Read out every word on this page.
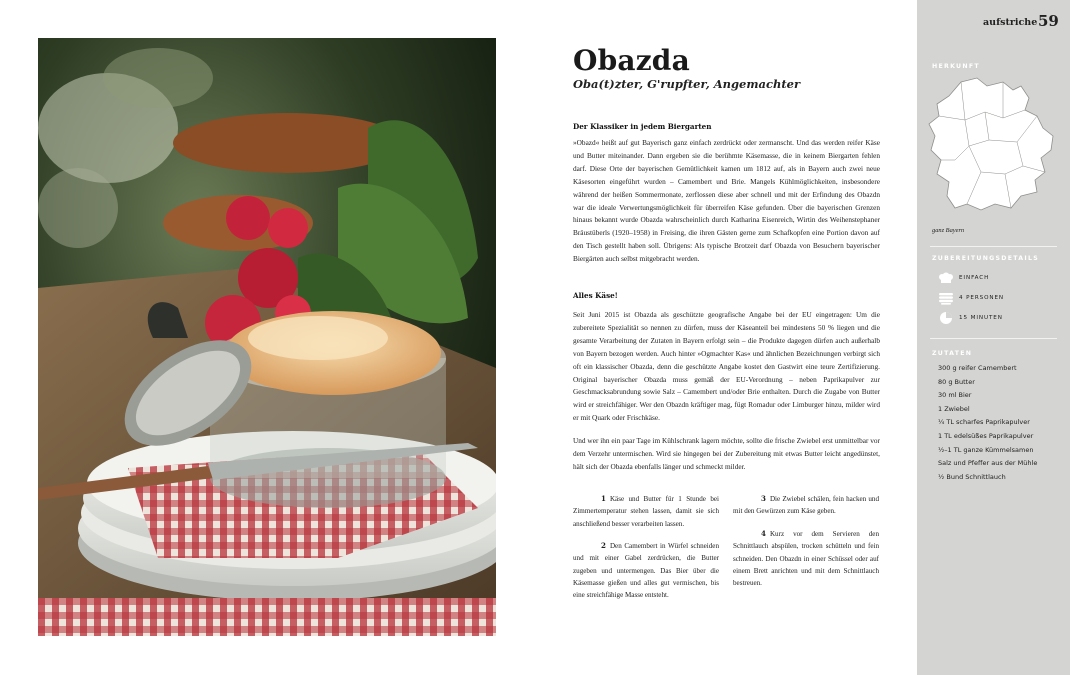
Obazda
Oba(t)zter, G'rupfter, Angemachter
Der Klassiker in jedem Biergarten

»Obazd« heißt auf gut Bayerisch ganz einfach zerdrückt oder zermanscht. Und das werden reifer Käse und Butter miteinander. Dann ergeben sie die berühmte Käsemasse, die in keinem Biergarten fehlen darf. Diese Orte der bayerischen Gemütlichkeit kamen um 1812 auf, als in Bayern auch zwei neue Käsesorten eingeführt wurden – Camembert und Brie. Mangels Kühlmöglichkeiten, insbesondere während der heißen Sommermonate, zerflossen diese aber schnell und mit der Erfindung des Obazdn war die ideale Verwertungsmöglichkeit für überreifen Käse gefunden. Über die bayerischen Grenzen hinaus bekannt wurde Obazda wahrscheinlich durch Katharina Eisenreich, Wirtin des Weihenstephaner Bräustüberls (1920–1958) in Freising, die ihren Gästen gerne zum Schafkopfen eine Portion davon auf den Tisch gestellt haben soll. Übrigens: Als typische Brotzeit darf Obazda von Besuchern bayerischer Biergärten auch selbst mitgebracht werden.

Alles Käse!

Seit Juni 2015 ist Obazda als geschützte geografische Angabe bei der EU eingetragen: Um die zubereitete Spezialität so nennen zu dürfen, muss der Käseanteil bei mindestens 50 % liegen und die gesamte Verarbeitung der Zutaten in Bayern erfolgt sein – die Produkte dagegen dürfen auch außerhalb von Bayern bezogen werden. Auch hinter »Ogmachter Kas« und ähnlichen Bezeichnungen verbirgt sich oft ein klassischer Obazda, denn die geschützte Angabe kostet den Gastwirt eine teure Zertifizierung. Original bayerischer Obazda muss gemäß der EU-Verordnung – neben Paprikapulver zur Geschmacksabrundung sowie Salz – Camembert und/oder Brie enthalten. Durch die Zugabe von Butter wird er streichfähiger. Wer den Obazdn kräftiger mag, fügt Romadur oder Limburger hinzu, milder wird er mit Quark oder Frischkäse.

Und wer ihn ein paar Tage im Kühlschrank lagern möchte, sollte die frische Zwiebel erst unmittelbar vor dem Verzehr untermischen. Wird sie hingegen bei der Zubereitung mit etwas Butter leicht angedünstet, hält sich der Obazda ebenfalls länger und schmeckt milder.

1 Käse und Butter für 1 Stunde bei Zimmertemperatur stehen lassen, damit sie sich anschließend besser verarbeiten lassen.
2 Den Camembert in Würfel schneiden und mit einer Gabel zerdrücken, die Butter zugeben und untermengen. Das Bier über die Käsemasse gießen und alles gut vermischen, bis eine streichfähige Masse entsteht.
3 Die Zwiebel schälen, fein hacken und mit den Gewürzen zum Käse geben.
4 Kurz vor dem Servieren den Schnittlauch abspülen, trocken schütteln und fein schneiden. Den Obazdn in einer Schüssel oder auf einem Brett anrichten und mit dem Schnittlauch bestreuen.
aufstriche 59
HERKUNFT
ganz Bayern
ZUBEREITUNGSDETAILS
EINFACH
4 PERSONEN
15 MINUTEN
ZUTATEN
300 g reifer Camembert
80 g Butter
30 ml Bier
1 Zwiebel
¼ TL scharfes Paprikapulver
1 TL edelsüßes Paprikapulver
½–1 TL ganze Kümmelsamen
Salz und Pfeffer aus der Mühle
½ Bund Schnittlauch
